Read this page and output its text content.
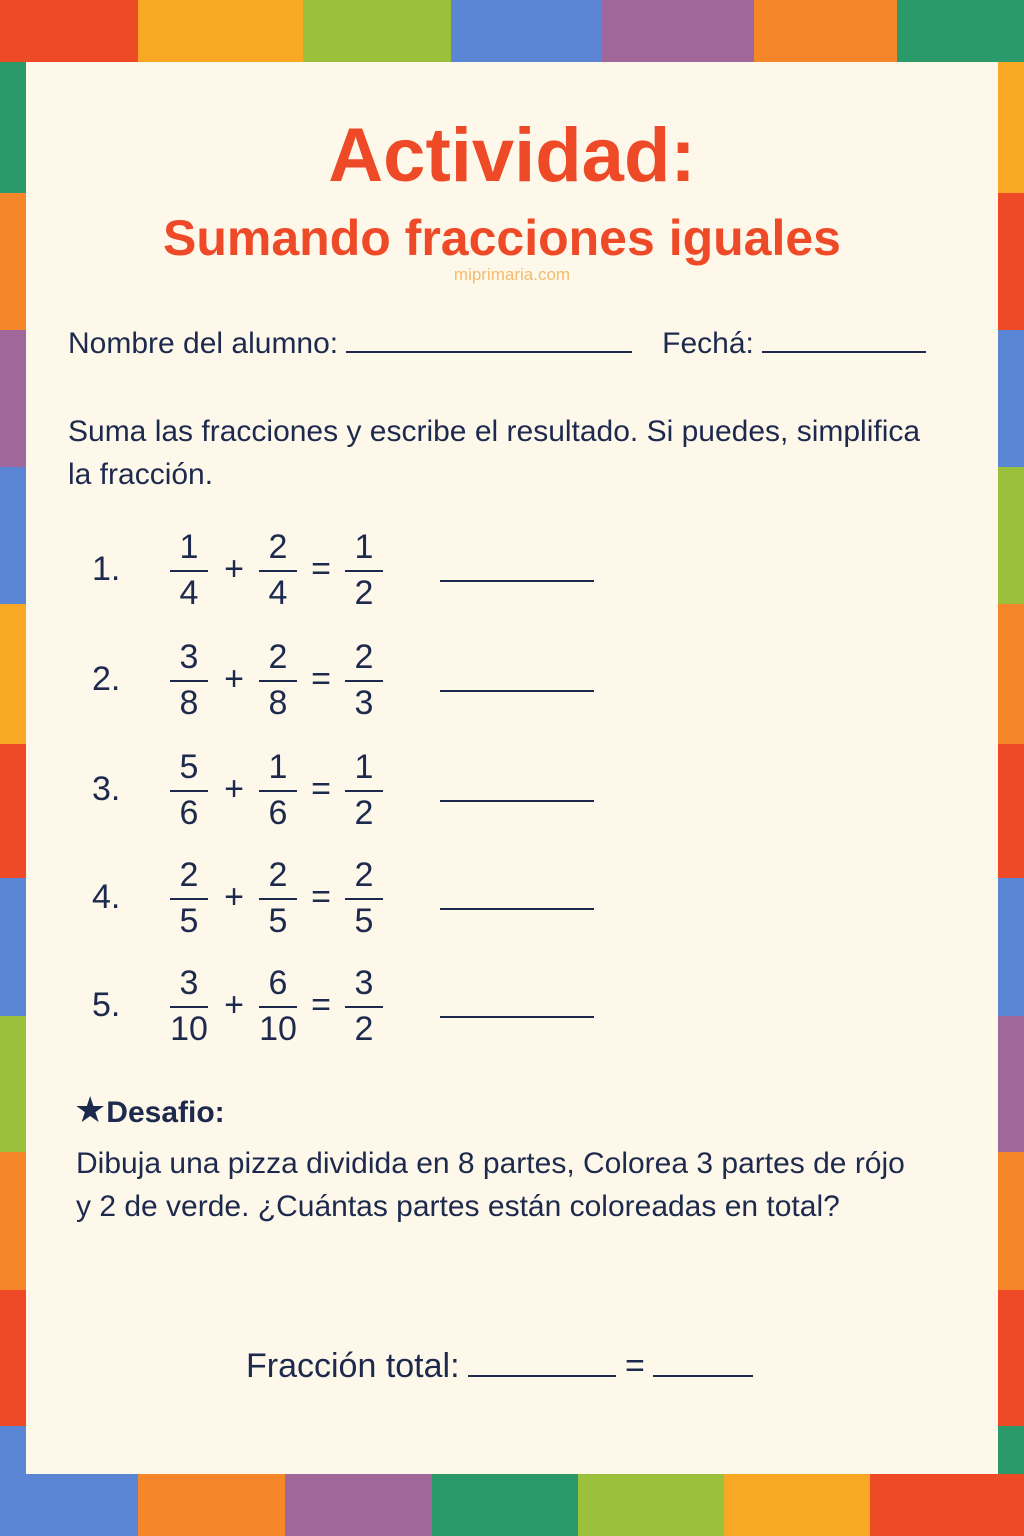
Actividad:
Sumando fracciones iguales
miprimaria.com
Nombre del alumno:	Fechá:
Suma las fracciones y escribe el resultado. Si puedes, simplifica la fracción.
1.
1
4
+
2
4
=
1
2
2.
3
8
+
2
8
=
2
3
3.
5
6
+
1
6
=
1
2
4.
2
5
+
2
5
=
2
5
5.
3
10
+
6
10
=
3
2
★Desafio:
Dibuja una pizza dividida en 8 partes, Colorea 3 partes de rójo y 2 de verde. ¿Cuántas partes están coloreadas en total?
Fracción total:	=
